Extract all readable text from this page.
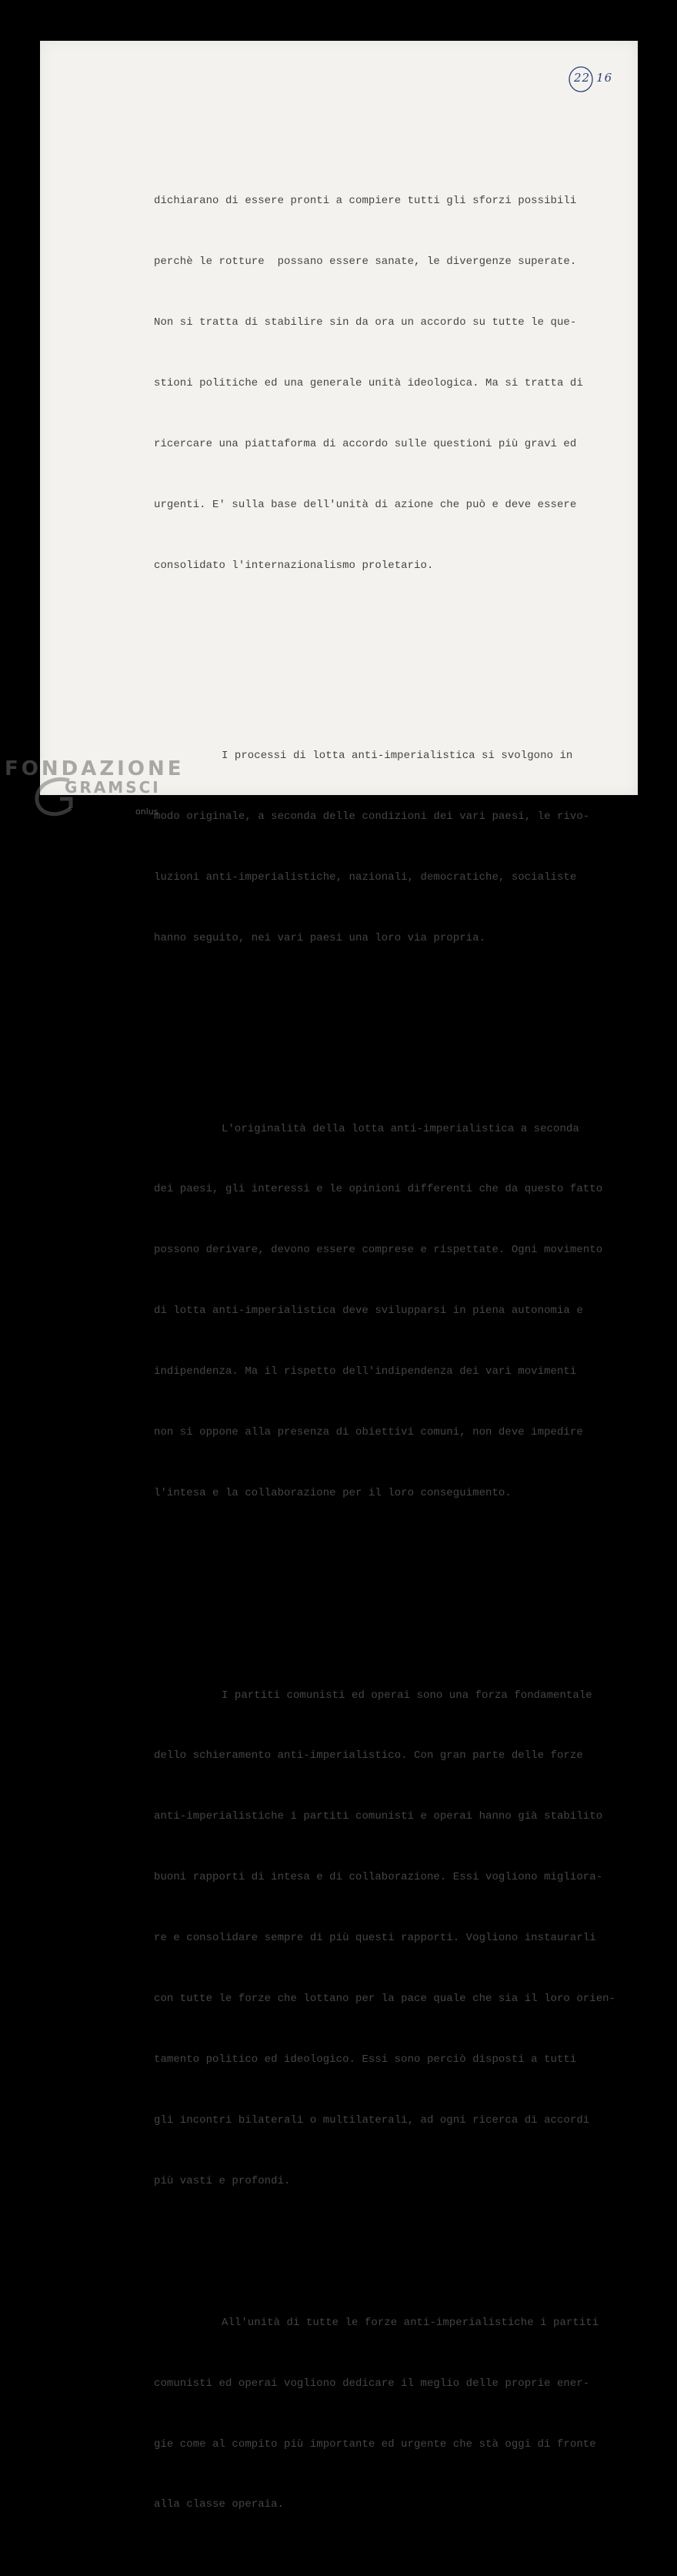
22 16

dichiarano di essere pronti a compiere tutti gli sforzi possibili

perchè le rotture  possano essere sanate, le divergenze superate.

Non si tratta di stabilire sin da ora un accordo su tutte le que-

stioni politiche ed una generale unità ideologica. Ma si tratta di

ricercare una piattaforma di accordo sulle questioni più gravi ed

urgenti. E' sulla base dell'unità di azione che può e deve essere

consolidato l'internazionalismo proletario.

I processi di lotta anti-imperialistica si svolgono in

modo originale, a seconda delle condizioni dei vari paesi, le rivo-

luzioni anti-imperialistiche, nazionali, democratiche, socialiste

hanno seguito, nei vari paesi una loro via propria.

L'originalità della lotta anti-imperialistica a seconda

dei paesi, gli interessi e le opinioni differenti che da questo fatto

possono derivare, devono essere comprese e rispettate. Ogni movimento

di lotta anti-imperialistica deve svilupparsi in piena autonomia e

indipendenza. Ma il rispetto dell'indipendenza dei vari movimenti

non si oppone alla presenza di obiettivi comuni, non deve impedire

l'intesa e la collaborazione per il loro conseguimento.

I partiti comunisti ed operai sono una forza fondamentale

dello schieramento anti-imperialistico. Con gran parte delle forze

anti-imperialistiche i partiti comunisti e operai hanno già stabilito

buoni rapporti di intesa e di collaborazione. Essi vogliono migliora-

re e consolidare sempre di più questi rapporti. Vogliono instaurarli

con tutte le forze che lottano per la pace quale che sia il loro orien-

tamento politico ed ideologico. Essi sono perciò disposti a tutti

gli incontri bilaterali o multilaterali, ad ogni ricerca di accordi

più vasti e profondi.

All'unità di tutte le forze anti-imperialistiche i partiti

comunisti ed operai vogliono dedicare il meglio delle proprie ener-

gie come al compito più importante ed urgente che stà oggi di fronte

alla classe operaia.

FONDAZIONE
GRAMSCI
onlus
